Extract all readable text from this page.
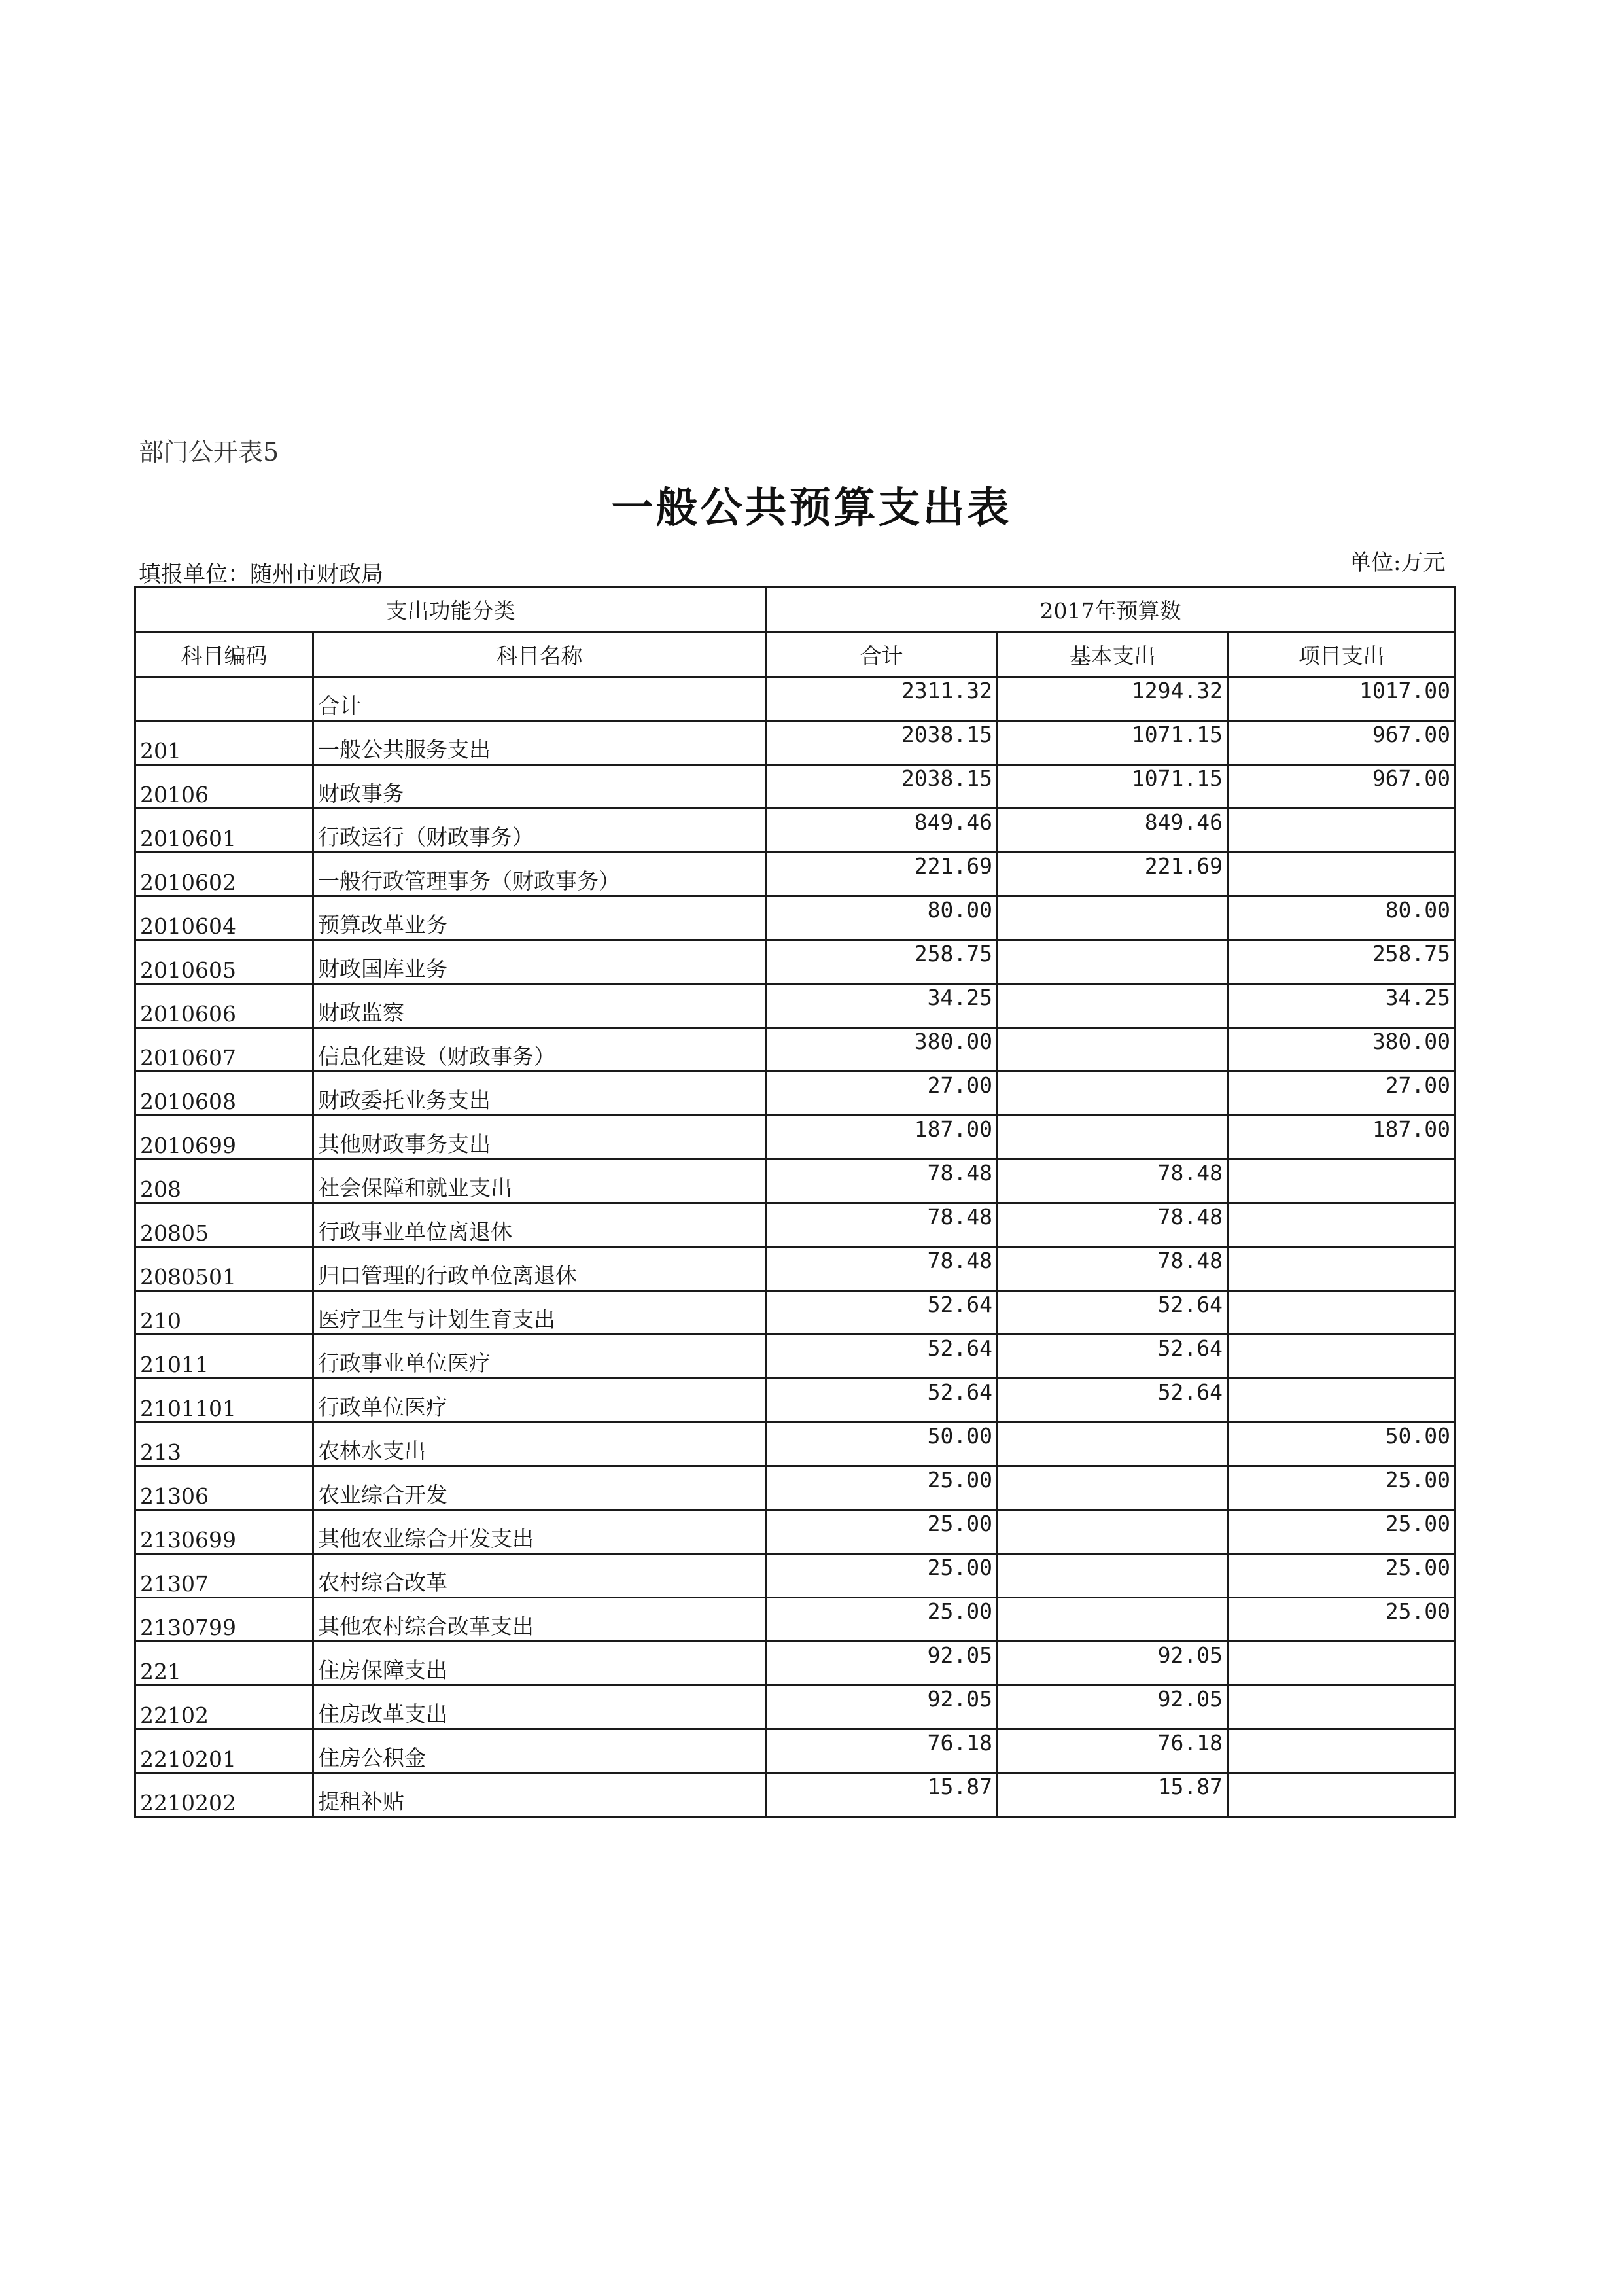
部门公开表5
一般公共预算支出表
填报单位：随州市财政局	单位:万元
支出功能分类		2017年预算数		
科目编码	科目名称	合计	基本支出	项目支出
	合计	2311.32	1294.32	1017.00
201	一般公共服务支出	2038.15	1071.15	967.00
20106	财政事务	2038.15	1071.15	967.00
2010601	行政运行（财政事务）	849.46	849.46	
2010602	一般行政管理事务（财政事务）	221.69	221.69	
2010604	预算改革业务	80.00		80.00
2010605	财政国库业务	258.75		258.75
2010606	财政监察	34.25		34.25
2010607	信息化建设（财政事务）	380.00		380.00
2010608	财政委托业务支出	27.00		27.00
2010699	其他财政事务支出	187.00		187.00
208	社会保障和就业支出	78.48	78.48	
20805	行政事业单位离退休	78.48	78.48	
2080501	归口管理的行政单位离退休	78.48	78.48	
210	医疗卫生与计划生育支出	52.64	52.64	
21011	行政事业单位医疗	52.64	52.64	
2101101	行政单位医疗	52.64	52.64	
213	农林水支出	50.00		50.00
21306	农业综合开发	25.00		25.00
2130699	其他农业综合开发支出	25.00		25.00
21307	农村综合改革	25.00		25.00
2130799	其他农村综合改革支出	25.00		25.00
221	住房保障支出	92.05	92.05	
22102	住房改革支出	92.05	92.05	
2210201	住房公积金	76.18	76.18	
2210202	提租补贴	15.87	15.87	
